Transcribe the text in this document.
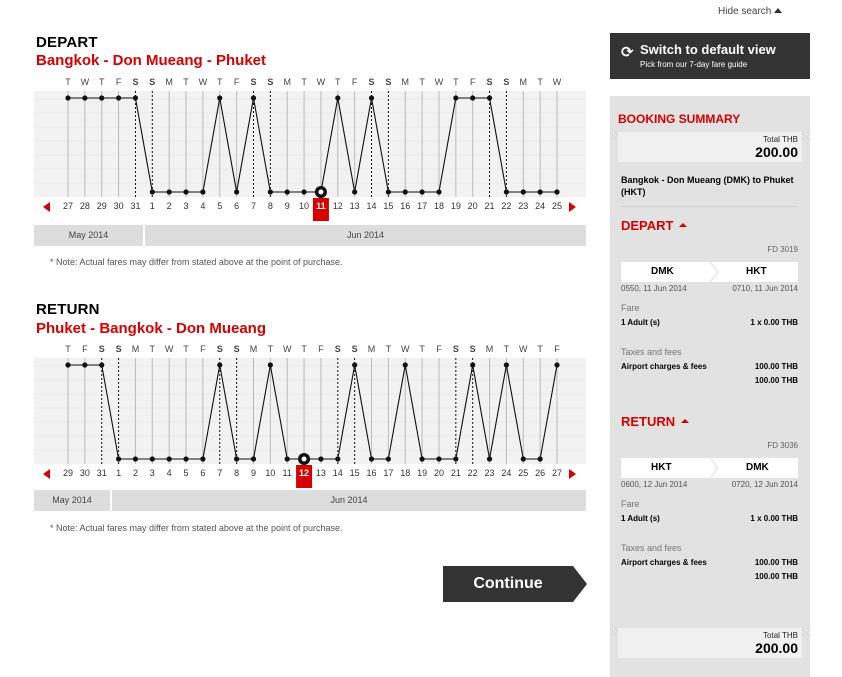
Hide search
DEPART
Bangkok - Don Mueang - Phuket
T W T F S S M T W T F S S M T W T F S S M T W T F S S M T W
27 28 29 30 31 1 2 3 4 5 6 7 8 9 10 11 12 13 14 15 16 17 18 19 20 21 22 23 24 25
May 2014	Jun 2014
* Note: Actual fares may differ from stated above at the point of purchase.
RETURN
Phuket - Bangkok - Don Mueang
T F S S M T W T F S S M T W T F S S M T W T F S S M T W T F
29 30 31 1 2 3 4 5 6 7 8 9 10 11 12 13 14 15 16 17 18 19 20 21 22 23 24 25 26 27
May 2014	Jun 2014
* Note: Actual fares may differ from stated above at the point of purchase.
Continue
⟳ Switch to default view
Pick from our 7-day fare guide
BOOKING SUMMARY
Total THB
200.00
Bangkok - Don Mueang (DMK) to Phuket (HKT)
DEPART
FD 3019
DMK	HKT
0550, 11 Jun 2014	0710, 11 Jun 2014
Fare
1 Adult (s)	1 x 0.00 THB
Taxes and fees
Airport charges & fees	100.00 THB
100.00 THB
RETURN
FD 3036
HKT	DMK
0600, 12 Jun 2014	0720, 12 Jun 2014
Fare
1 Adult (s)	1 x 0.00 THB
Taxes and fees
Airport charges & fees	100.00 THB
100.00 THB
Total THB
200.00
